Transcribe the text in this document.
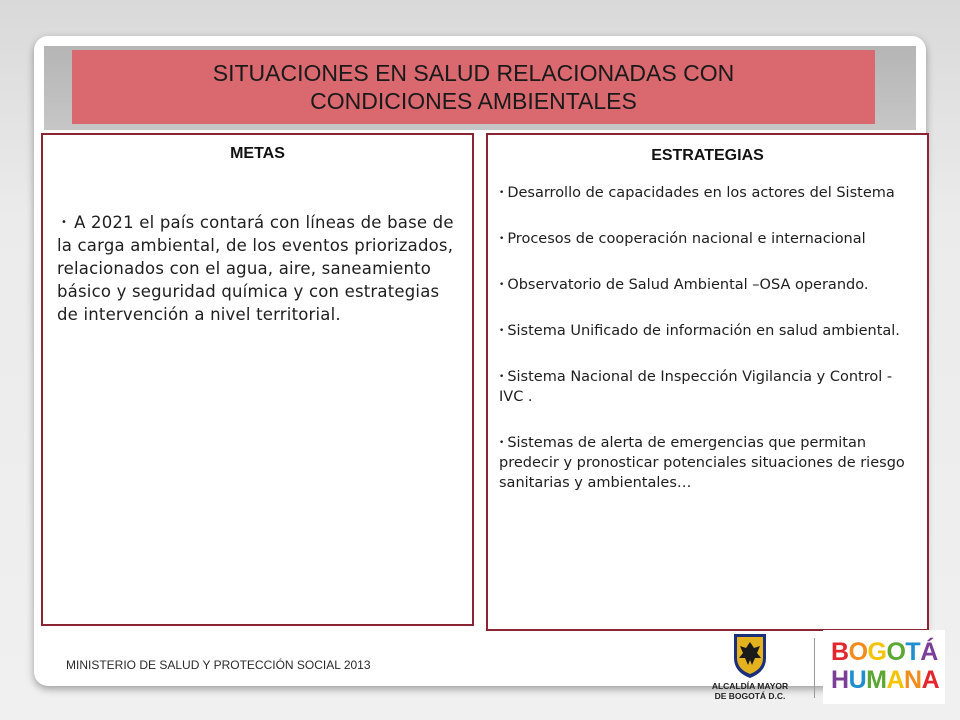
SITUACIONES EN SALUD RELACIONADAS CON
CONDICIONES AMBIENTALES
METAS
• A 2021 el país contará con líneas de base de la carga ambiental, de los eventos priorizados, relacionados con el agua, aire, saneamiento básico y seguridad química y con estrategias de intervención a nivel territorial.
ESTRATEGIAS
• Desarrollo de capacidades en los actores del Sistema
• Procesos de cooperación nacional e internacional
• Observatorio de Salud Ambiental –OSA operando.
• Sistema Unificado de información en salud ambiental.
• Sistema Nacional de Inspección Vigilancia y Control - IVC .
• Sistemas de alerta de emergencias que permitan predecir y pronosticar potenciales situaciones de riesgo sanitarias y ambientales…
MINISTERIO DE SALUD Y PROTECCIÓN SOCIAL 2013
ALCALDÍA MAYOR
DE BOGOTÁ D.C.
BOGOTÁ
HUMANA
